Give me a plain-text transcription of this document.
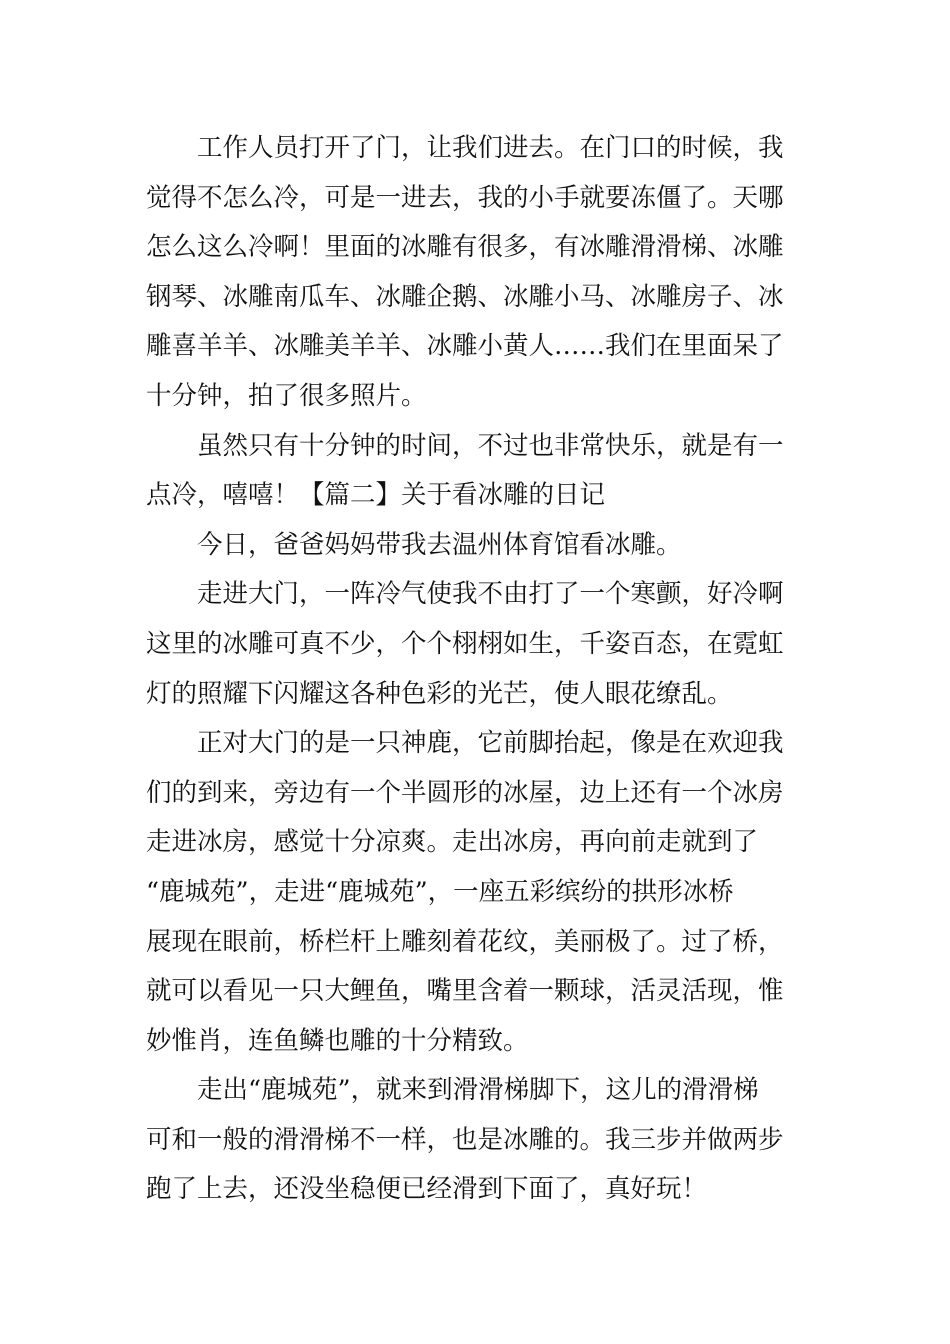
工作人员打开了门，让我们进去。在门口的时候，我
觉得不怎么冷，可是一进去，我的小手就要冻僵了。天哪
怎么这么冷啊！里面的冰雕有很多，有冰雕滑滑梯、冰雕
钢琴、冰雕南瓜车、冰雕企鹅、冰雕小马、冰雕房子、冰
雕喜羊羊、冰雕美羊羊、冰雕小黄人……我们在里面呆了
十分钟，拍了很多照片。

虽然只有十分钟的时间，不过也非常快乐，就是有一
点冷，嘻嘻！【篇二】关于看冰雕的日记

今日，爸爸妈妈带我去温州体育馆看冰雕。

走进大门，一阵冷气使我不由打了一个寒颤，好冷啊
这里的冰雕可真不少，个个栩栩如生，千姿百态，在霓虹
灯的照耀下闪耀这各种色彩的光芒，使人眼花缭乱。

正对大门的是一只神鹿，它前脚抬起，像是在欢迎我
们的到来，旁边有一个半圆形的冰屋，边上还有一个冰房
走进冰房，感觉十分凉爽。走出冰房，再向前走就到了
“鹿城苑”，走进“鹿城苑”，一座五彩缤纷的拱形冰桥
展现在眼前，桥栏杆上雕刻着花纹，美丽极了。过了桥，
就可以看见一只大鲤鱼，嘴里含着一颗球，活灵活现，惟
妙惟肖，连鱼鳞也雕的十分精致。

走出“鹿城苑”，就来到滑滑梯脚下，这儿的滑滑梯
可和一般的滑滑梯不一样，也是冰雕的。我三步并做两步
跑了上去，还没坐稳便已经滑到下面了，真好玩！
